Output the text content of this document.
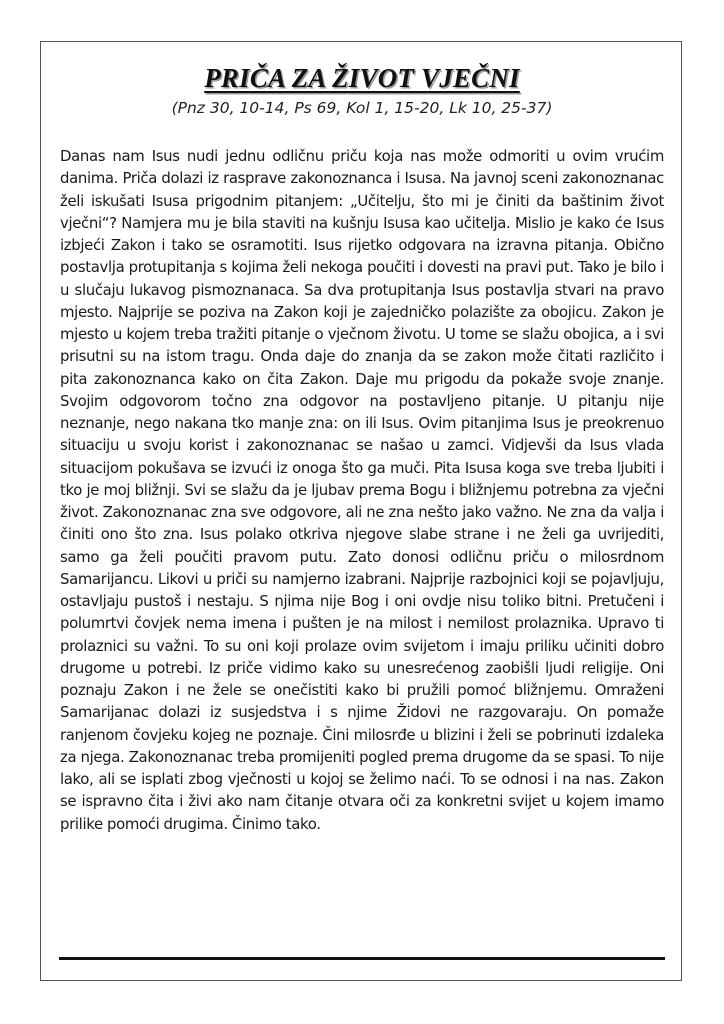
PRIČA ZA ŽIVOT VJEČNI

(Pnz 30, 10-14, Ps 69, Kol 1, 15-20, Lk 10, 25-37)

Danas nam Isus nudi jednu odličnu priču koja nas može odmoriti u ovim vrućim danima. Priča dolazi iz rasprave zakonoznanca i Isusa. Na javnoj sceni zakonoznanac želi iskušati Isusa prigodnim pitanjem: „Učitelju, što mi je činiti da baštinim život vječni“? Namjera mu je bila staviti na kušnju Isusa kao učitelja. Mislio je kako će Isus izbjeći Zakon i tako se osramotiti. Isus rijetko odgovara na izravna pitanja. Obično postavlja protupitanja s kojima želi nekoga poučiti i dovesti na pravi put. Tako je bilo i u slučaju lukavog pismoznanaca. Sa dva protupitanja Isus postavlja stvari na pravo mjesto. Najprije se poziva na Zakon koji je zajedničko polazište za obojicu. Zakon je mjesto u kojem treba tražiti pitanje o vječnom životu. U tome se slažu obojica, a i svi prisutni su na istom tragu. Onda daje do znanja da se zakon može čitati različito i pita zakonoznanca kako on čita Zakon. Daje mu prigodu da pokaže svoje znanje. Svojim odgovorom točno zna odgovor na postavljeno pitanje. U pitanju nije neznanje, nego nakana tko manje zna: on ili Isus. Ovim pitanjima Isus je preokrenuo situaciju u svoju korist i zakonoznanac se našao u zamci. Vidjevši da Isus vlada situacijom pokušava se izvući iz onoga što ga muči. Pita Isusa koga sve treba ljubiti i tko je moj bližnji. Svi se slažu da je ljubav prema Bogu i bližnjemu potrebna za vječni život. Zakonoznanac zna sve odgovore, ali ne zna nešto jako važno. Ne zna da valja i činiti ono što zna. Isus polako otkriva njegove slabe strane i ne želi ga uvrijediti, samo ga želi poučiti pravom putu. Zato donosi odličnu priču o milosrdnom Samarijancu. Likovi u priči su namjerno izabrani. Najprije razbojnici koji se pojavljuju, ostavljaju pustoš i nestaju. S njima nije Bog i oni ovdje nisu toliko bitni. Pretučeni i polumrtvi čovjek nema imena i pušten je na milost i nemilost prolaznika. Upravo ti prolaznici su važni. To su oni koji prolaze ovim svijetom i imaju priliku učiniti dobro drugome u potrebi. Iz priče vidimo kako su unesrećenog zaobišli ljudi religije. Oni poznaju Zakon i ne žele se onečistiti kako bi pružili pomoć bližnjemu. Omraženi Samarijanac dolazi iz susjedstva i s njime Židovi ne razgovaraju. On pomaže ranjenom čovjeku kojeg ne poznaje. Čini milosrđe u blizini i želi se pobrinuti izdaleka za njega. Zakonoznanac treba promijeniti pogled prema drugome da se spasi. To nije lako, ali se isplati zbog vječnosti u kojoj se želimo naći. To se odnosi i na nas. Zakon se ispravno čita i živi ako nam čitanje otvara oči za konkretni svijet u kojem imamo prilike pomoći drugima. Činimo tako.
